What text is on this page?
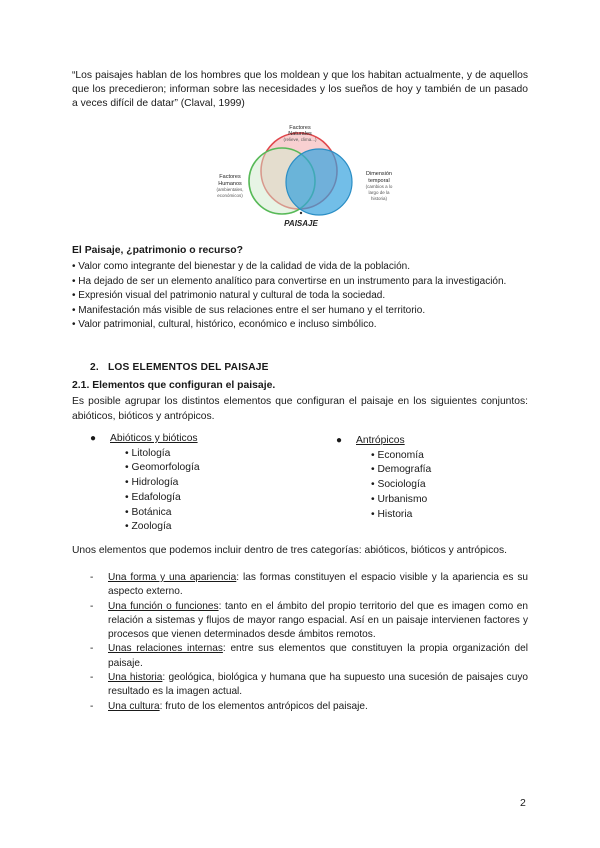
“Los paisajes hablan de los hombres que los moldean y que los habitan actualmente, y de aquellos que los precedieron; informan sobre las necesidades y los sueños de hoy y también de un pasado a veces difícil de datar” (Claval, 1999)

Factores
Naturales
(relieve, clima...)
Factores
Humanos
(ambientales,
económicos)
Dimensión
temporal
(cambios a lo
largo de la
historia)
PAISAJE
El Paisaje, ¿patrimonio o recurso?
• Valor como integrante del bienestar y de la calidad de vida de la población.
• Ha dejado de ser un elemento analítico para convertirse en un instrumento para la investigación.
• Expresión visual del patrimonio natural y cultural de toda la sociedad.
• Manifestación más visible de sus relaciones entre el ser humano y el territorio.
• Valor patrimonial, cultural, histórico, económico e incluso simbólico.
2.   LOS ELEMENTOS DEL PAISAJE
2.1. Elementos que configuran el paisaje.

Es posible agrupar los distintos elementos que configuran el paisaje en los siguientes conjuntos: abióticos, bióticos y antrópicos.

● Abióticos y bióticos
• Litología
• Geomorfología
• Hidrología
• Edafología
• Botánica
• Zoología
● Antrópicos
• Economía
• Demografía
• Sociología
• Urbanismo
• Historia

Unos elementos que podemos incluir dentro de tres categorías: abióticos, bióticos y antrópicos.

- Una forma y una apariencia: las formas constituyen el espacio visible y la apariencia es su aspecto externo.
- Una función o funciones: tanto en el ámbito del propio territorio del que es imagen como en relación a sistemas y flujos de mayor rango espacial. Así en un paisaje intervienen factores y procesos que vienen determinados desde ámbitos remotos.
- Unas relaciones internas: entre sus elementos que constituyen la propia organización del paisaje.
- Una historia: geológica, biológica y humana que ha supuesto una sucesión de paisajes cuyo resultado es la imagen actual.
- Una cultura: fruto de los elementos antrópicos del paisaje.
2
